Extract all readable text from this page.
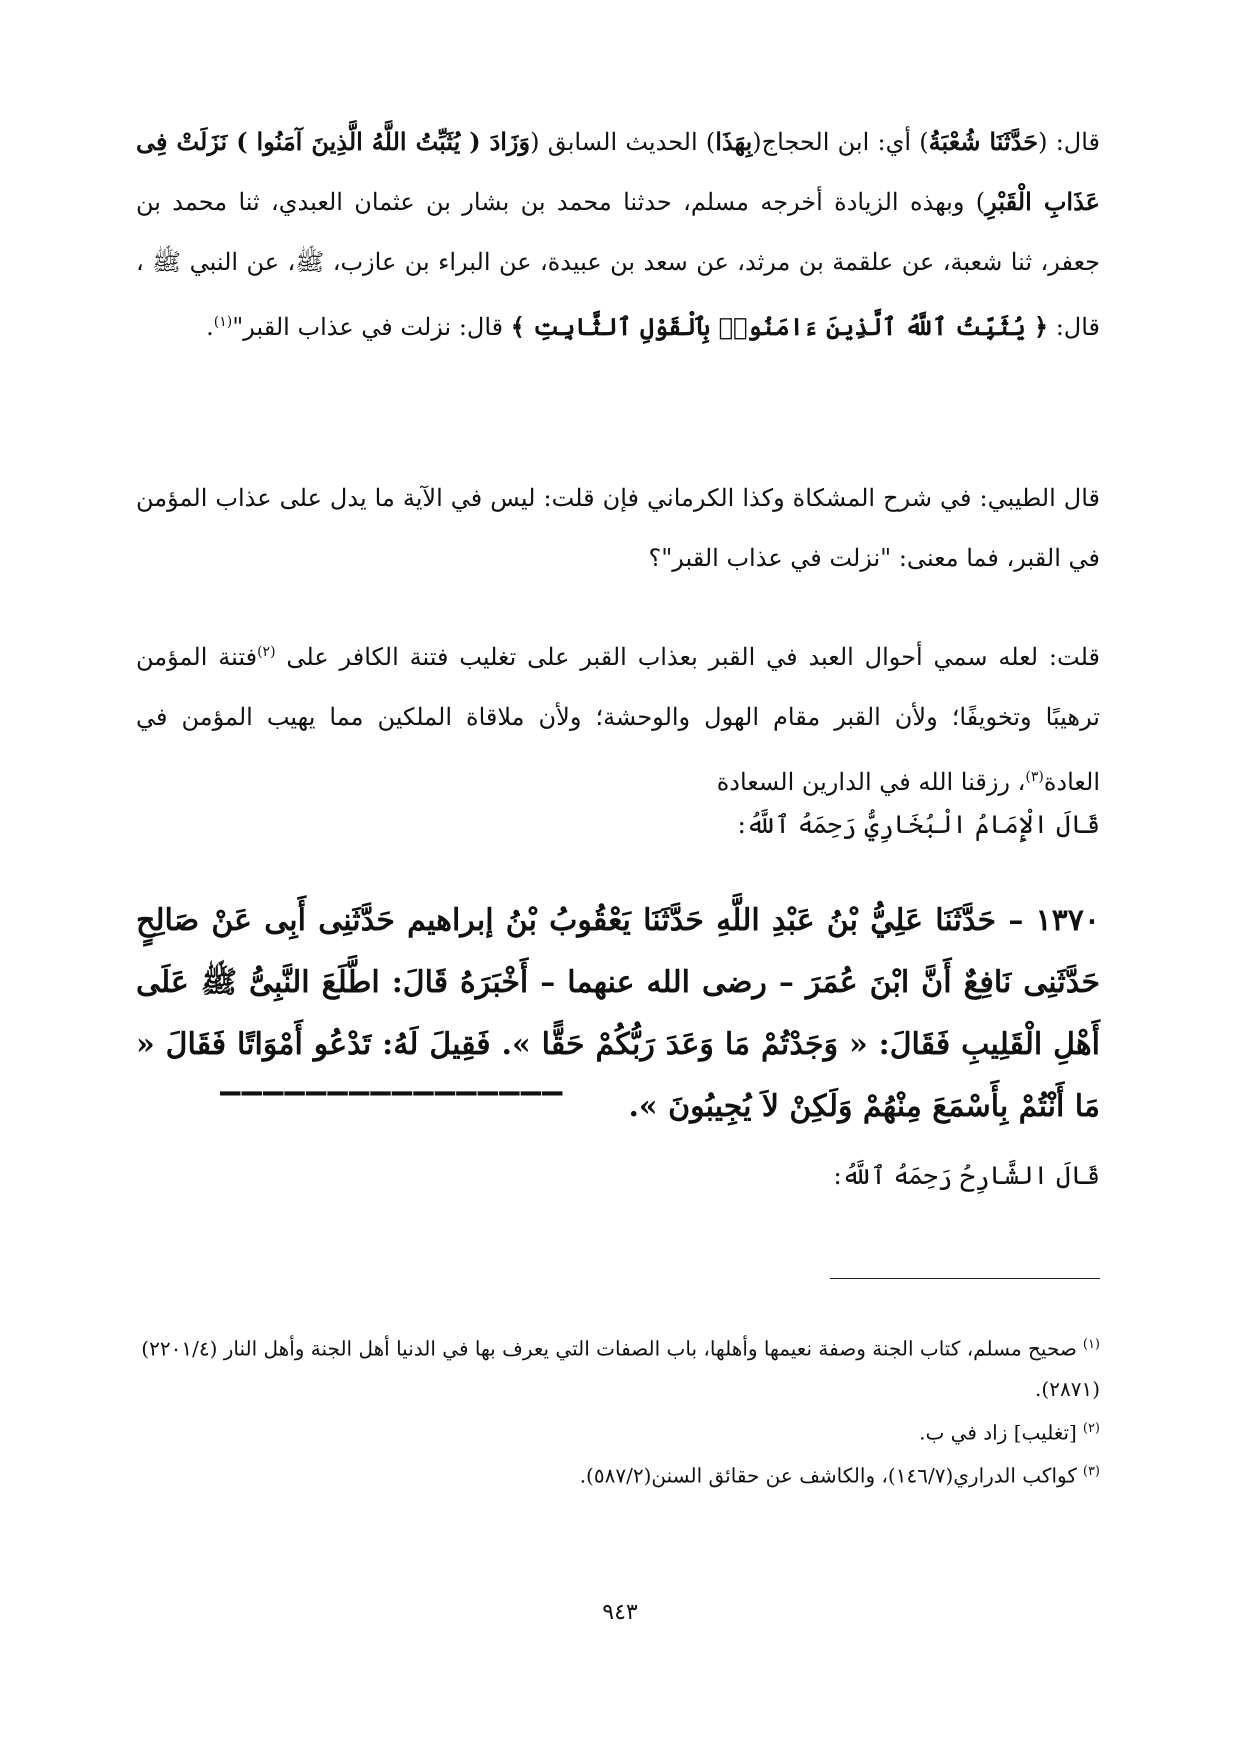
قال: (حَدَّثَنَا شُعْبَةُ) أي: ابن الحجاج(بِهَذَا) الحديث السابق (وَزَادَ ( يُثَبِّتُ اللَّهُ الَّذِينَ آمَنُوا ) نَزَلَتْ فِى عَذَابِ الْقَبْرِ) وبهذه الزيادة أخرجه مسلم، حدثنا محمد بن بشار بن عثمان العبدي، ثنا محمد بن جعفر، ثنا شعبة، عن علقمة بن مرثد، عن سعد بن عبيدة، عن البراء بن عازب، ﷺ، عن النبي ﷺ ، قال: ﴿ يُثَبِّتُ ٱللَّهُ ٱلَّذِينَ ءَامَنُوا۟ بِٱلْقَوْلِ ٱلثَّابِتِ ﴾ قال: نزلت في عذاب القبر"$^{(١)}$.

قال الطيبي: في شرح المشكاة وكذا الكرماني فإن قلت: ليس في الآية ما يدل على عذاب المؤمن في القبر، فما معنى: "نزلت في عذاب القبر"؟

قلت: لعله سمي أحوال العبد في القبر بعذاب القبر على تغليب فتنة الكافر على $^{(٢)}$فتنة المؤمن ترهيبًا وتخويفًا؛ ولأن القبر مقام الهول والوحشة؛ ولأن ملاقاة الملكين مما يهيب المؤمن في العادة$^{(٣)}$، رزقنا الله في الدارين السعادة

قَالَ الْإِمَامُ الْبُخَارِيُّ رَحِمَهُ ٱللَّهُ:

١٣٧٠ – حَدَّثَنَا عَلِيُّ بْنُ عَبْدِ اللَّهِ حَدَّثَنَا يَعْقُوبُ بْنُ إبراهيم حَدَّثَنِى أَبِى عَنْ صَالِحٍ حَدَّثَنِى نَافِعٌ أَنَّ ابْنَ عُمَرَ – رضى الله عنهما – أَخْبَرَهُ قَالَ: اطَّلَعَ النَّبِىُّ ﷺ عَلَى أَهْلِ الْقَلِيبِ فَقَالَ: « وَجَدْتُمْ مَا وَعَدَ رَبُّكُمْ حَقًّا ». فَقِيلَ لَهُ: تَدْعُو أَمْوَاتًا فَقَالَ « مَا أَنْتُمْ بِأَسْمَعَ مِنْهُمْ وَلَكِنْ لاَ يُجِيبُونَ ».

————————————————

قَالَ الشَّارِحُ رَحِمَهُ ٱللَّهُ:

$^{(١)}$صحيح مسلم، كتاب الجنة وصفة نعيمها وأهلها، باب الصفات التي يعرف بها في الدنيا أهل الجنة وأهل النار (٢٢٠١/٤)(٢٨٧١).
$^{(٢)}$[تغليب] زاد في ب.
$^{(٣)}$كواكب الدراري(١٤٦/٧)، والكاشف عن حقائق السنن(٥٨٧/٢).
٩٤٣
